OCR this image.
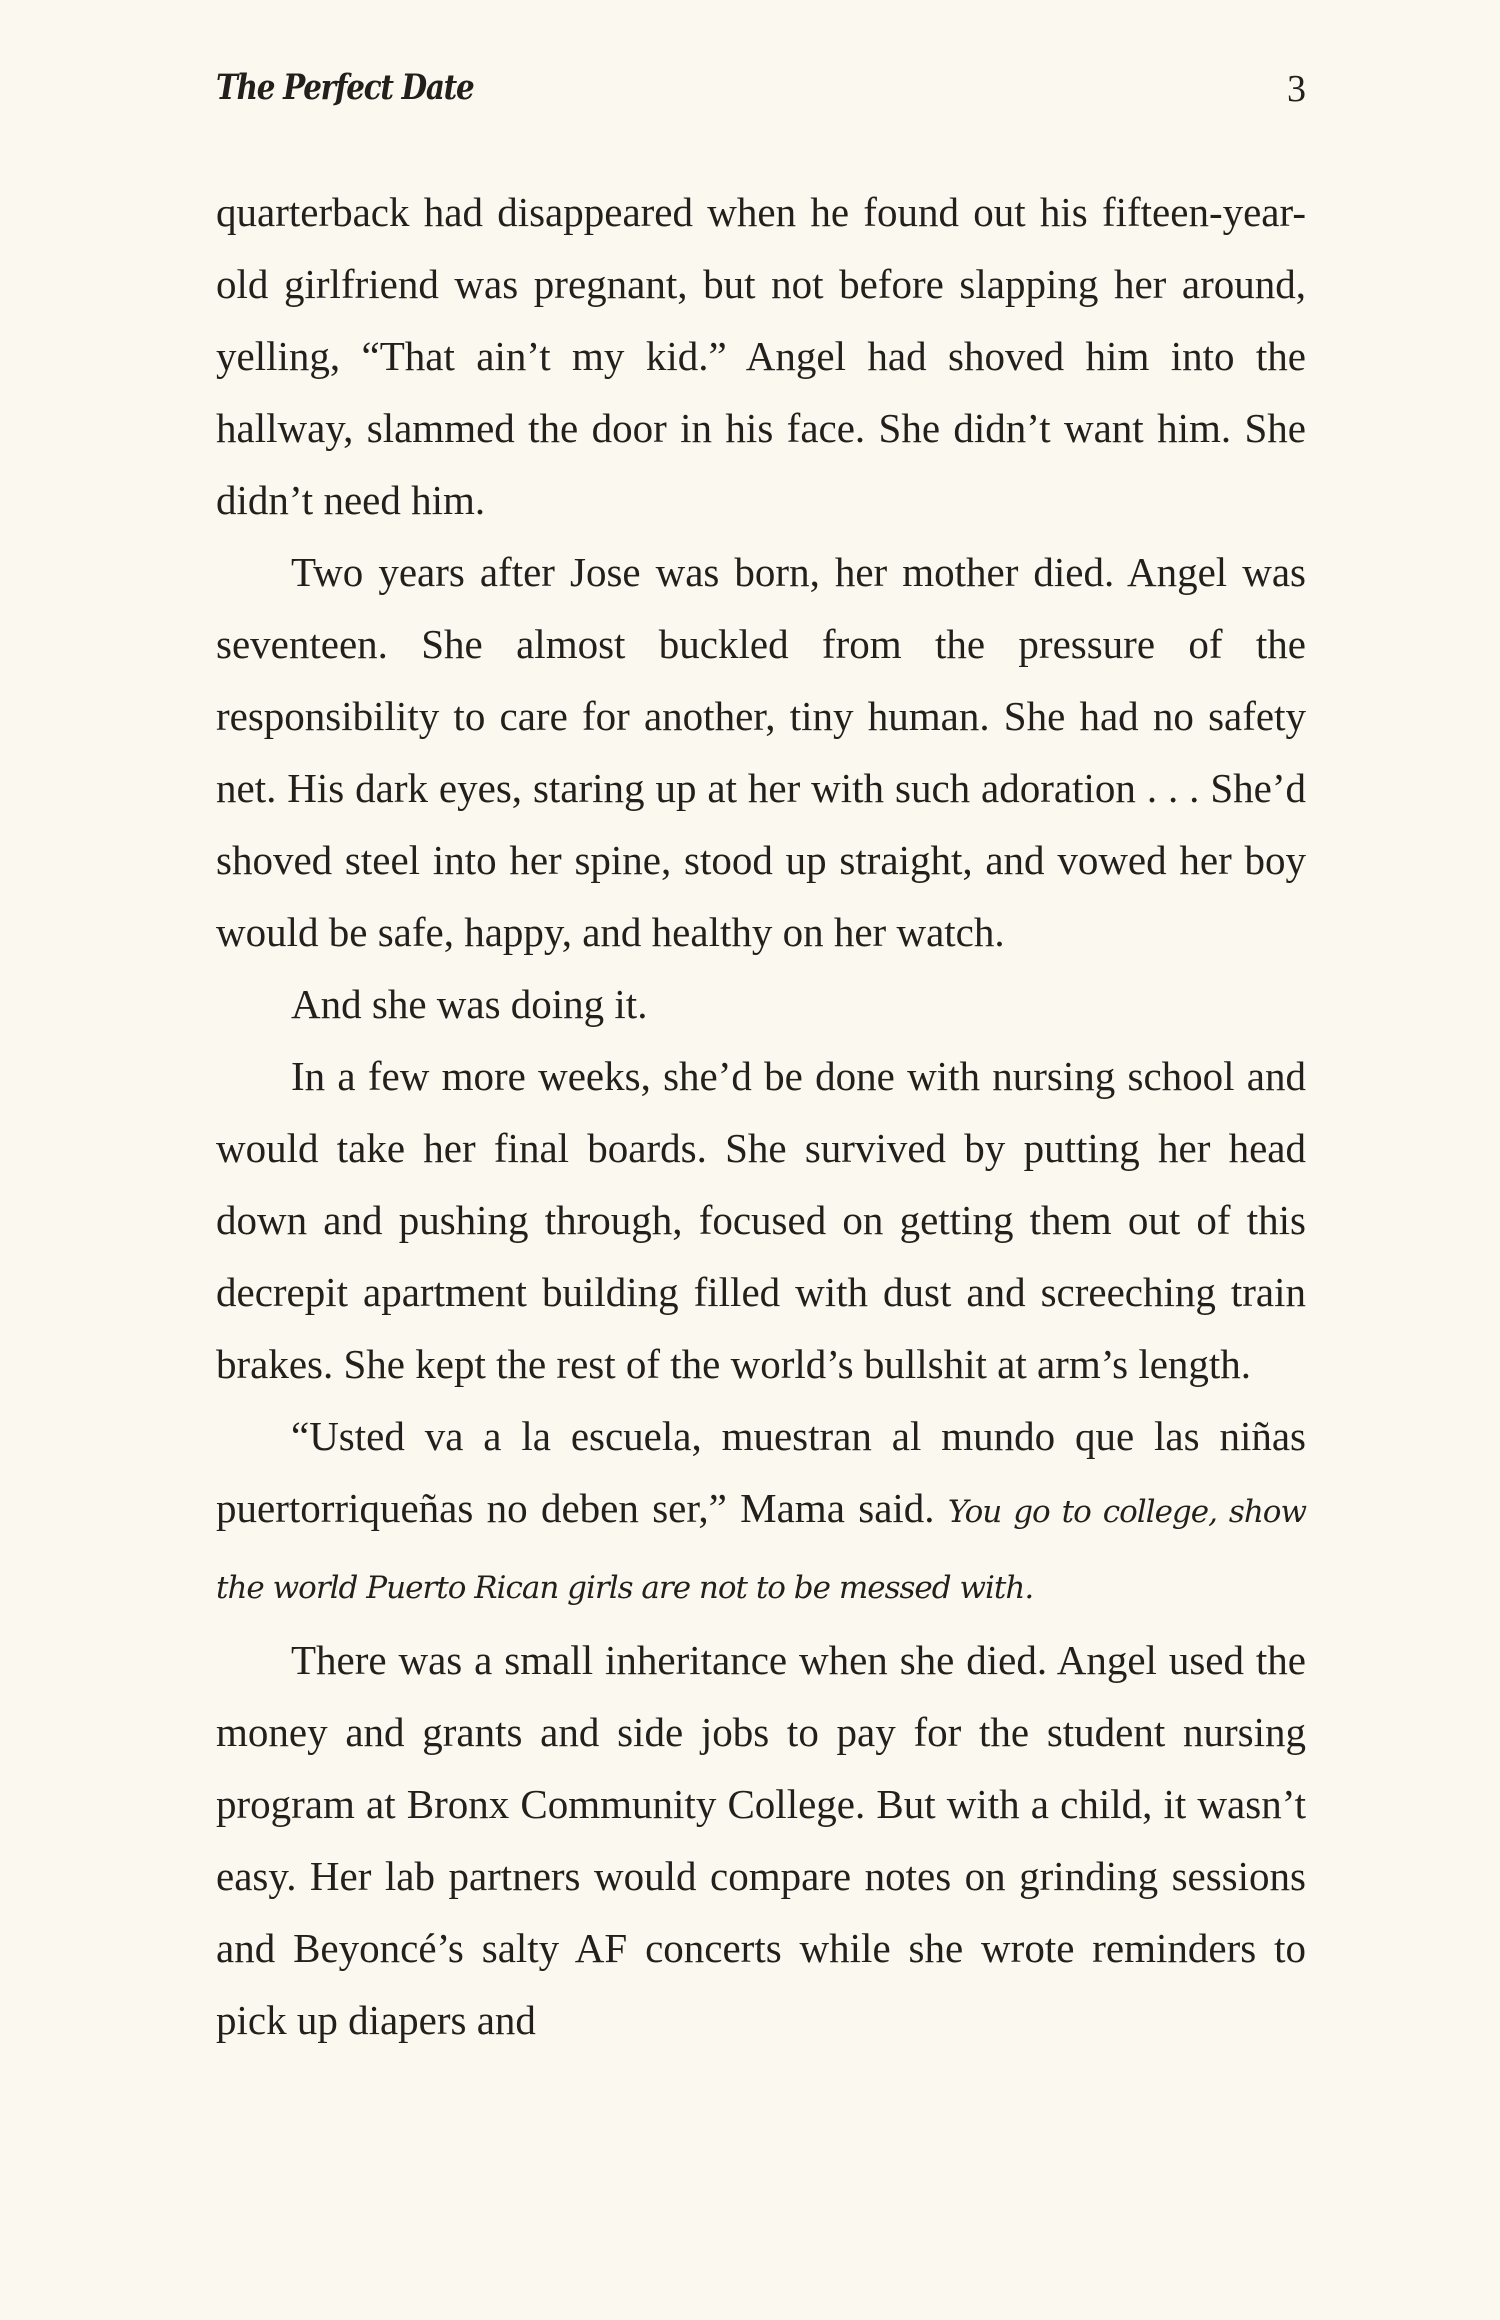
The Perfect Date	3

quarterback had disappeared when he found out his fifteen-year-old girlfriend was pregnant, but not before slapping her around, yelling, “That ain’t my kid.” Angel had shoved him into the hallway, slammed the door in his face. She didn’t want him. She didn’t need him.

Two years after Jose was born, her mother died. Angel was seventeen. She almost buckled from the pressure of the responsibility to care for another, tiny human. She had no safety net. His dark eyes, staring up at her with such adoration . . . She’d shoved steel into her spine, stood up straight, and vowed her boy would be safe, happy, and healthy on her watch.

And she was doing it.

In a few more weeks, she’d be done with nursing school and would take her final boards. She survived by putting her head down and pushing through, focused on getting them out of this decrepit apartment building filled with dust and screeching train brakes. She kept the rest of the world’s bullshit at arm’s length.

“Usted va a la escuela, muestran al mundo que las niñas puertorriqueñas no deben ser,” Mama said. You go to college, show the world Puerto Rican girls are not to be messed with.

There was a small inheritance when she died. Angel used the money and grants and side jobs to pay for the student nursing program at Bronx Community College. But with a child, it wasn’t easy. Her lab partners would compare notes on grinding sessions and Beyoncé’s salty AF concerts while she wrote reminders to pick up diapers and
